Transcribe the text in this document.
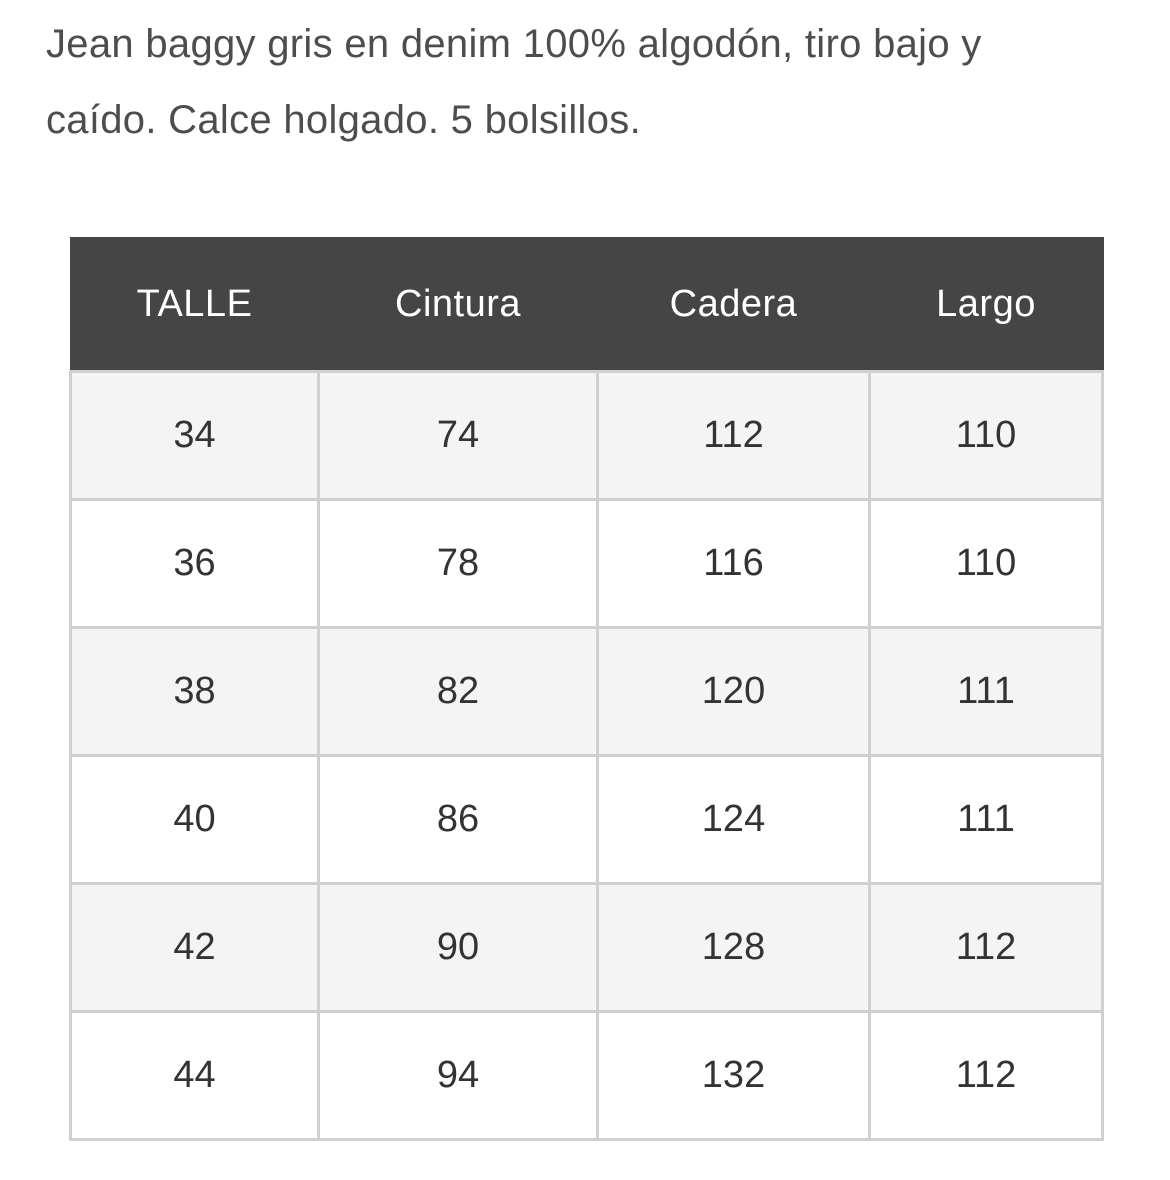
Jean baggy gris en denim 100% algodón, tiro bajo y
caído. Calce holgado. 5 bolsillos.

TALLE	Cintura	Cadera	Largo
34	74	112	110
36	78	116	110
38	82	120	111
40	86	124	111
42	90	128	112
44	94	132	112
